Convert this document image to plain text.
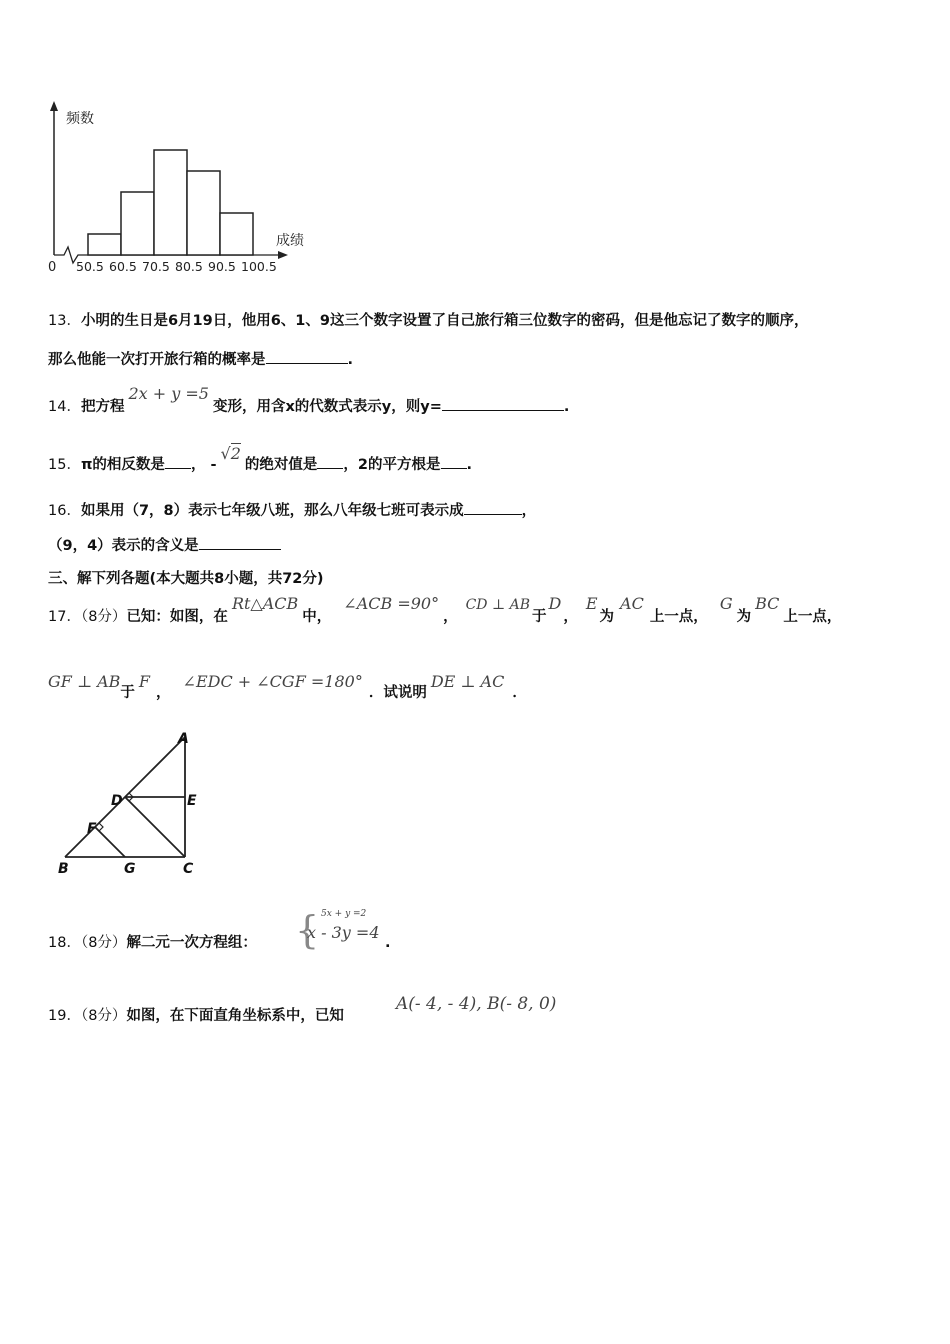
频数
成绩
0 50.5 60.5 70.5 80.5 90.5 100.5
13．小明的生日是6月19日，他用6、1、9这三个数字设置了自己旅行箱三位数字的密码，但是他忘记了数字的顺序，
那么他能一次打开旅行箱的概率是	.
14．把方程2x + y =5变形，用含x的代数式表示y，则y=	.
15．π的相反数是 ， -√2的绝对值是 ，2的平方根是 .
16．如果用（7，8）表示七年级八班，那么八年级七班可表示成	，
（9，4）表示的含义是
三、解下列各题(本大题共8小题，共72分)
17．（8分）已知：如图，在Rt△ACB中，∠ACB =90°，CD ⊥ AB于D，E为AC上一点，G为BC上一点，
GF ⊥ AB于F，∠EDC + ∠CGF =180°．试说明DE ⊥ AC．
A
D	E
F
B	G	C
18．（8分）解二元一次方程组： { 5x + y =2
x - 3y =4
.
19．（8分）如图，在下面直角坐标系中，已知
A(- 4, - 4), B(- 8, 0)
